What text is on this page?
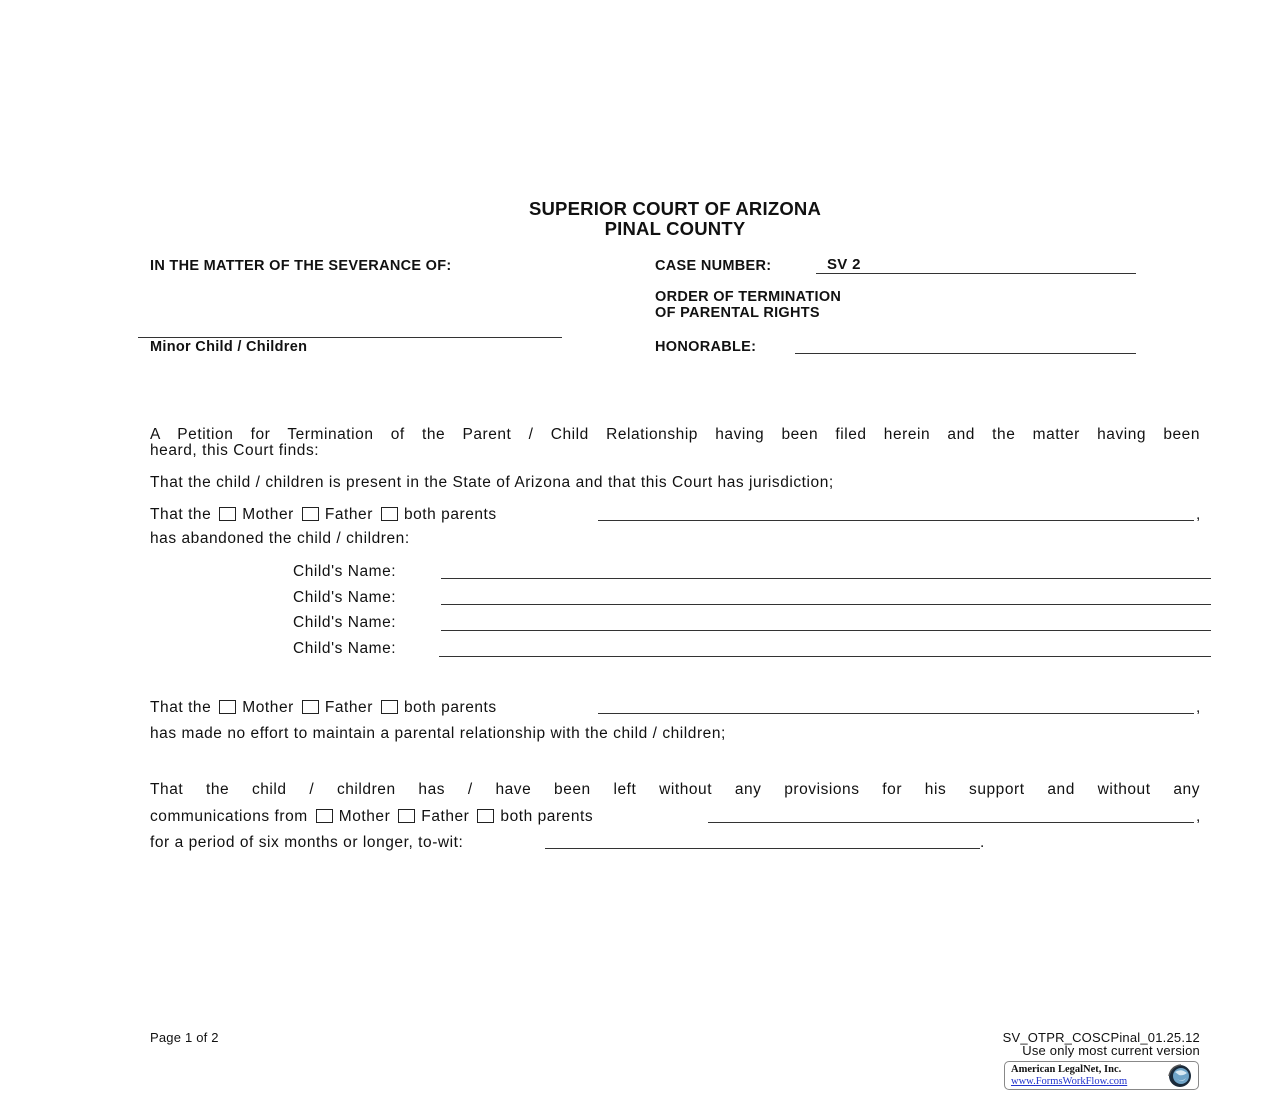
SUPERIOR COURT OF ARIZONA
PINAL COUNTY
IN THE MATTER OF THE SEVERANCE OF:
Minor Child / Children
CASE NUMBER:	SV 2
ORDER OF TERMINATION
OF PARENTAL RIGHTS
HONORABLE:
A Petition for Termination of the Parent / Child Relationship having been filed herein and the matter having been
heard, this Court finds:
That the child / children is present in the State of Arizona and that this Court has jurisdiction;
That the Mother Father both parents	,
has abandoned the child / children:
Child's Name:
Child's Name:
Child's Name:
Child's Name:
That the Mother Father both parents	,
has made no effort to maintain a parental relationship with the child / children;
That the child / children has / have been left without any provisions for his support and without any
communications from Mother Father both parents	,
for a period of six months or longer, to-wit:	.
Page 1 of 2	SV_OTPR_COSCPinal_01.25.12
Use only most current version
American LegalNet, Inc.
www.FormsWorkFlow.com
